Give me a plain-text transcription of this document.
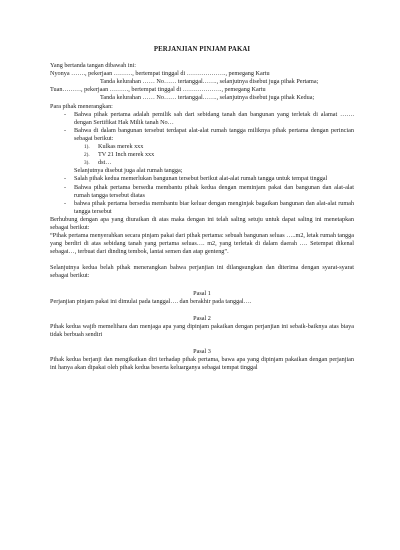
PERJANJIAN PINJAM PAKAI

Yang bertanda tangan dibawah ini:

Nyonya ……., pekerjaan ………, bertempat tinggal di ………………., pemegang Kartu

Tanda kelurahan …… No…… tertanggal……., selanjutnya disebut juga pihak Pertama;

Tuan………, pekerjaan ………, bertempat tinggal di ………………., pemegang Kartu

Tanda kelurahan …… No…… tertanggal……., selanjutnya disebut juga pihak Kedua;

Para pihak menerangkan:

- Bahwa pihak pertama adalah pemilik sah dari sebidang tanah dan bangunan yang terletak di alamat ……. dengan Sertifikat Hak Milik tanah No…
- Bahwa di dalam bangunan tersebut terdapat alat-alat rumah tangga miliknya pihak pertama dengan perincian sebagai berikut:
1). Kulkas merek xxx
2). TV 21 Inch merek xxx
3). dst…
Selanjutnya disebut juga alat rumah tangga;
- Salah pihak kedua memerlukan bangunan tersebut berikut alat-alat rumah tangga untuk tempat tinggal
- Bahwa pihak pertama bersedia membantu pihak kedua dengan meminjam pakai dan bangunan dan alat-alat rumah tangga tersebut diatas
- bahwa pihak pertama bersedia membantu biar keluar dengan menginjak bagaikan bangunan dan alat-alat rumah tangga tersebut

Berhubung dengan apa yang diuraikan di atas maka dengan ini telah saling setuju untuk dapat saling ini menetapkan sebagai berikut:

“Pihak pertama menyerahkan secara pinjam pakai dari pihak pertama: sebuah bangunan seluas …..m2, letak rumah tangga yang berdiri di atas sebidang tanah yang pertama seluas…. m2, yang terletak di dalam daerah …. Setempat dikenal sebagai…, terbuat dari dinding tembok, lantai semen dan atap genteng”.

Selanjutnya kedua belah pihak menerangkan bahwa perjanjian ini dilangsungkan dan diterima dengan syarat-syarat sebagai berikut:

Pasal 1

Perjanjian pinjam pakai ini dimulai pada tanggal…. dan berakhir pada tanggal….

Pasal 2

Pihak kedua wajib memelihara dan menjaga apa yang dipinjam pakaikan dengan perjanjian ini sebaik-baiknya atas biaya tidak berbuah sendiri

Pasal 3

Pihak kedua berjanji dan mengikatkan diri terhadap pihak pertama, bawa apa yang dipinjam pakaikan dengan perjanjian ini hanya akan dipakai oleh pihak kedua beserta keluarganya sebagai tempat tinggal
